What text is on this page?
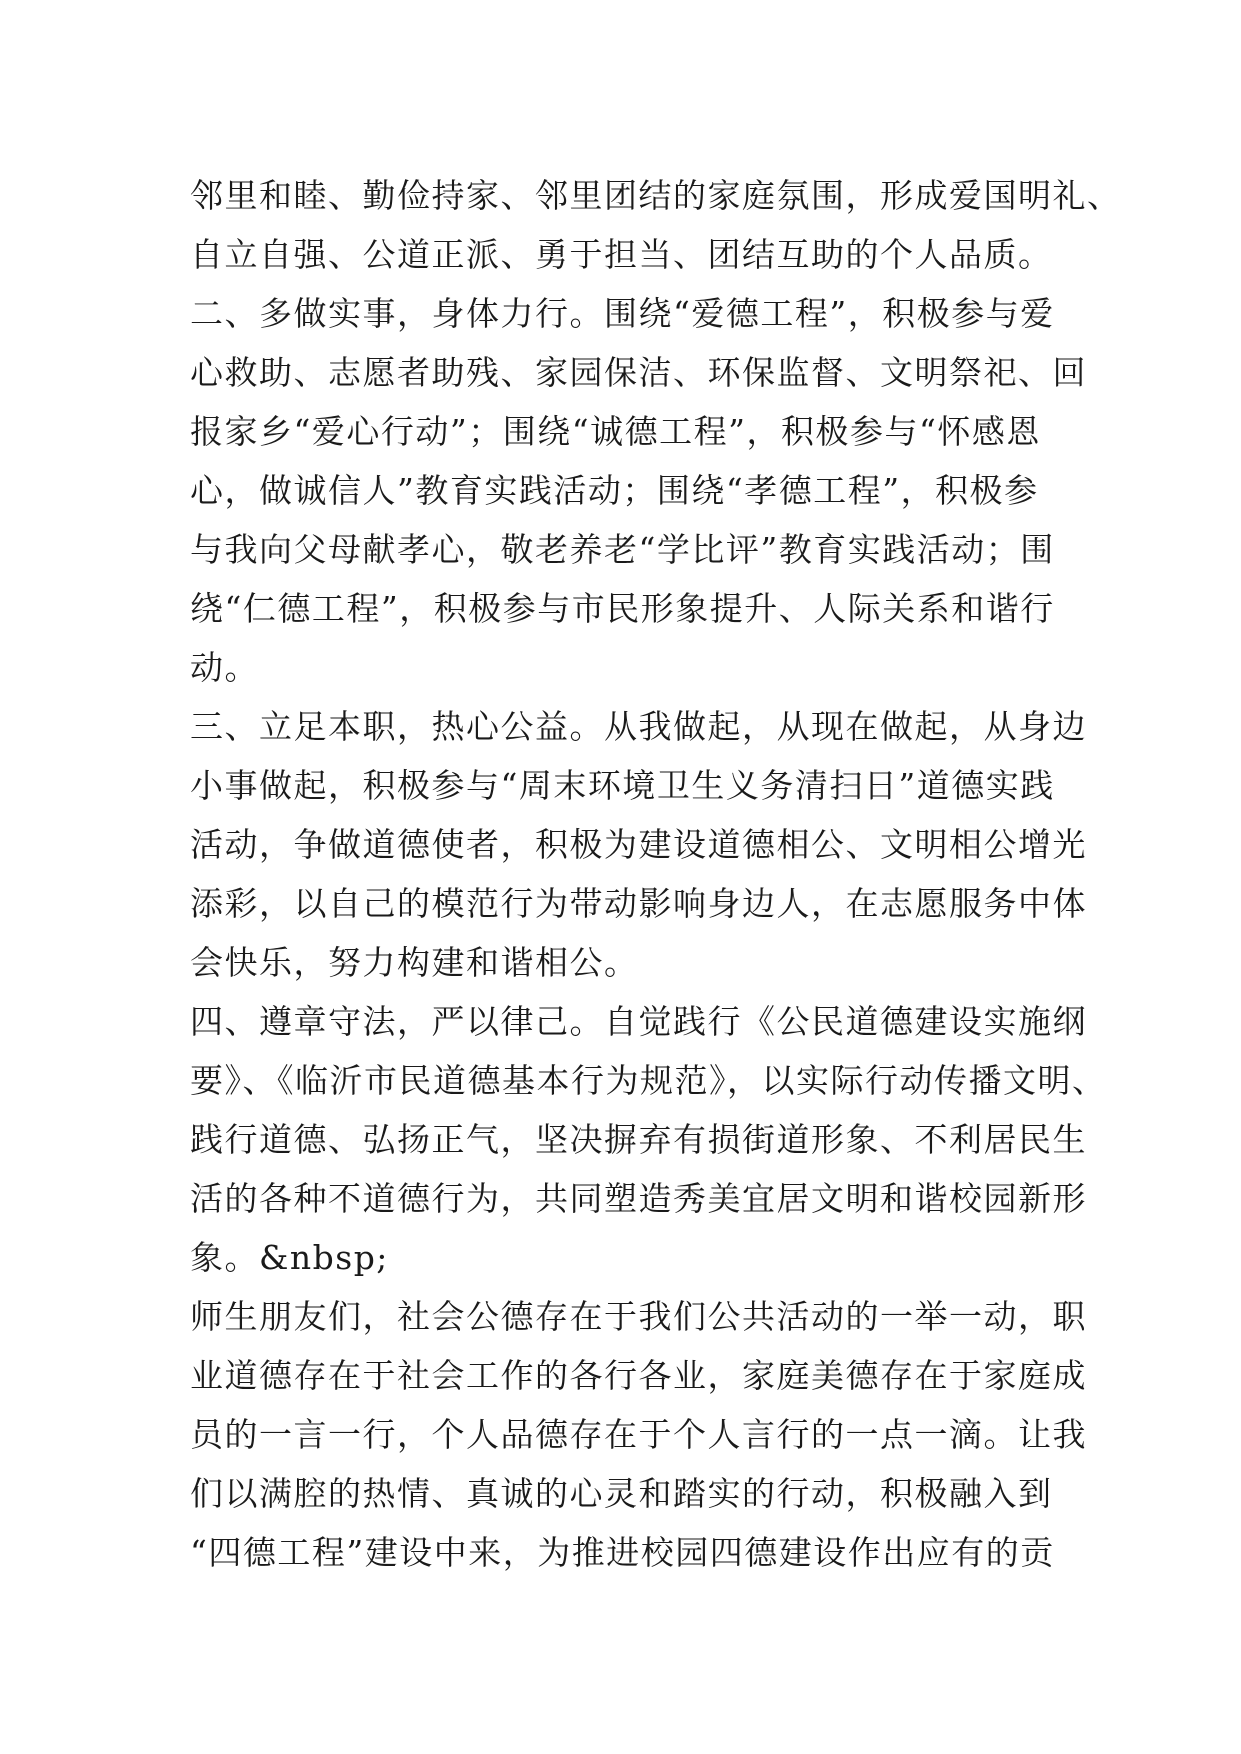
邻里和睦、勤俭持家、邻里团结的家庭氛围，形成爱国明礼、
自立自强、公道正派、勇于担当、团结互助的个人品质。
二、多做实事，身体力行。围绕“爱德工程”，积极参与爱
心救助、志愿者助残、家园保洁、环保监督、文明祭祀、回
报家乡“爱心行动”；围绕“诚德工程”，积极参与“怀感恩
心，做诚信人”教育实践活动；围绕“孝德工程”，积极参
与我向父母献孝心，敬老养老“学比评”教育实践活动；围
绕“仁德工程”，积极参与市民形象提升、人际关系和谐行
动。
三、立足本职，热心公益。从我做起，从现在做起，从身边
小事做起，积极参与“周末环境卫生义务清扫日”道德实践
活动，争做道德使者，积极为建设道德相公、文明相公增光
添彩，以自己的模范行为带动影响身边人，在志愿服务中体
会快乐，努力构建和谐相公。
四、遵章守法，严以律己。自觉践行《公民道德建设实施纲
要》、《临沂市民道德基本行为规范》，以实际行动传播文明、
践行道德、弘扬正气，坚决摒弃有损街道形象、不利居民生
活的各种不道德行为，共同塑造秀美宜居文明和谐校园新形
象。&nbsp;
师生朋友们，社会公德存在于我们公共活动的一举一动，职
业道德存在于社会工作的各行各业，家庭美德存在于家庭成
员的一言一行，个人品德存在于个人言行的一点一滴。让我
们以满腔的热情、真诚的心灵和踏实的行动，积极融入到
“四德工程”建设中来，为推进校园四德建设作出应有的贡
